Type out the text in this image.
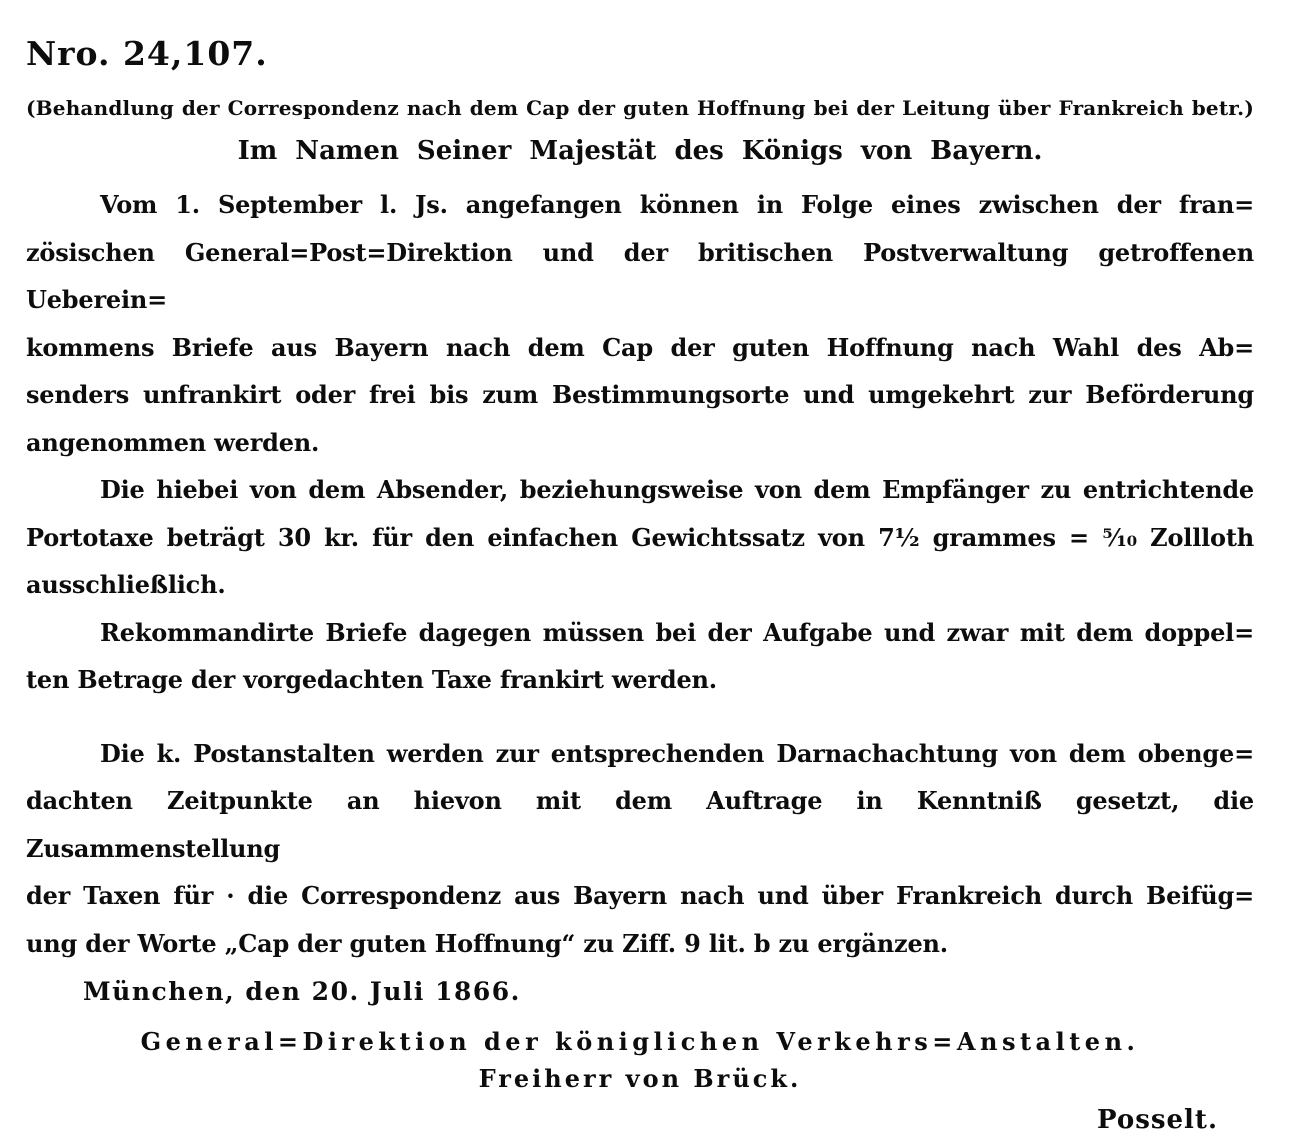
Nro. 24,107.
(Behandlung der Correspondenz nach dem Cap der guten Hoffnung bei der Leitung über Frankreich betr.)
Im Namen Seiner Majestät des Königs von Bayern.
Vom 1. September l. Js. angefangen können in Folge eines zwischen der fran=
zösischen General=Post=Direktion und der britischen Postverwaltung getroffenen Ueberein=
kommens Briefe aus Bayern nach dem Cap der guten Hoffnung nach Wahl des Ab=
senders unfrankirt oder frei bis zum Bestimmungsorte und umgekehrt zur Beförderung
angenommen werden.
Die hiebei von dem Absender, beziehungsweise von dem Empfänger zu entrichtende
Portotaxe beträgt 30 kr. für den einfachen Gewichtssatz von 7½ grammes = ⁵⁄₁₀ Zollloth
ausschließlich.
Rekommandirte Briefe dagegen müssen bei der Aufgabe und zwar mit dem doppel=
ten Betrage der vorgedachten Taxe frankirt werden.
Die k. Postanstalten werden zur entsprechenden Darnachachtung von dem obenge=
dachten Zeitpunkte an hievon mit dem Auftrage in Kenntniß gesetzt, die Zusammenstellung
der Taxen für · die Correspondenz aus Bayern nach und über Frankreich durch Beifüg=
ung der Worte „Cap der guten Hoffnung“ zu Ziff. 9 lit. b zu ergänzen.
München, den 20. Juli 1866.
General=Direktion der königlichen Verkehrs=Anstalten.
Freiherr von Brück.
Posselt.
